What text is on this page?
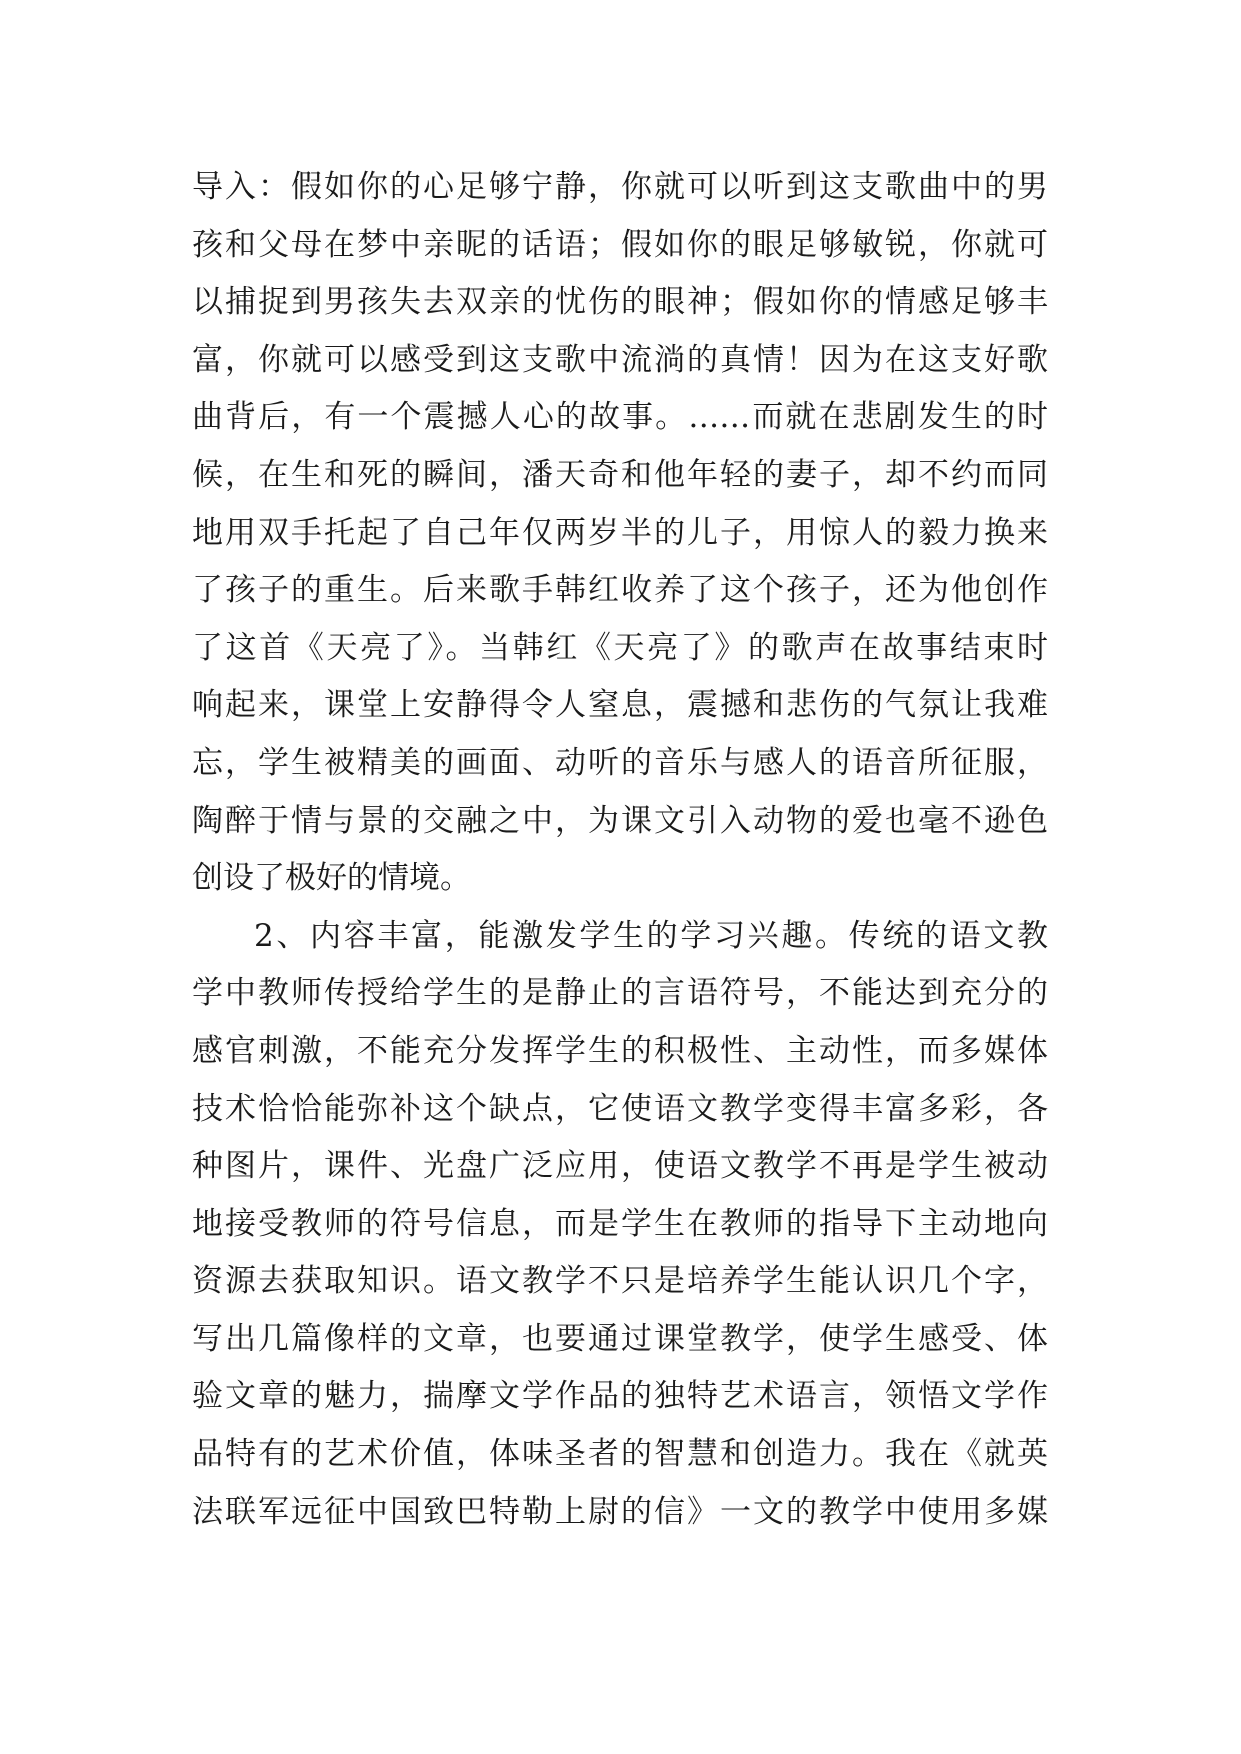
导入：假如你的心足够宁静，你就可以听到这支歌曲中的男
孩和父母在梦中亲昵的话语；假如你的眼足够敏锐，你就可
以捕捉到男孩失去双亲的忧伤的眼神；假如你的情感足够丰
富，你就可以感受到这支歌中流淌的真情！因为在这支好歌
曲背后，有一个震撼人心的故事。……而就在悲剧发生的时
候，在生和死的瞬间，潘天奇和他年轻的妻子，却不约而同
地用双手托起了自己年仅两岁半的儿子，用惊人的毅力换来
了孩子的重生。后来歌手韩红收养了这个孩子，还为他创作
了这首《天亮了》。当韩红《天亮了》的歌声在故事结束时
响起来，课堂上安静得令人窒息，震撼和悲伤的气氛让我难
忘，学生被精美的画面、动听的音乐与感人的语音所征服，
陶醉于情与景的交融之中，为课文引入动物的爱也毫不逊色
创设了极好的情境。
2、内容丰富，能激发学生的学习兴趣。传统的语文教
学中教师传授给学生的是静止的言语符号，不能达到充分的
感官刺激，不能充分发挥学生的积极性、主动性，而多媒体
技术恰恰能弥补这个缺点，它使语文教学变得丰富多彩，各
种图片，课件、光盘广泛应用，使语文教学不再是学生被动
地接受教师的符号信息，而是学生在教师的指导下主动地向
资源去获取知识。语文教学不只是培养学生能认识几个字，
写出几篇像样的文章，也要通过课堂教学，使学生感受、体
验文章的魅力，揣摩文学作品的独特艺术语言，领悟文学作
品特有的艺术价值，体味圣者的智慧和创造力。我在《就英
法联军远征中国致巴特勒上尉的信》一文的教学中使用多媒
